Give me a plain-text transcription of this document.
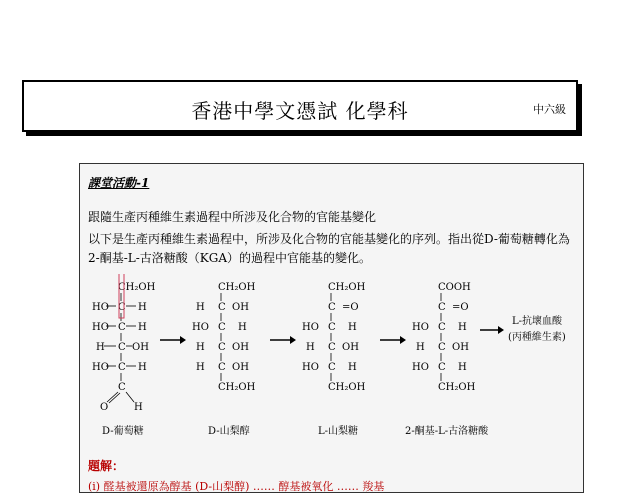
香港中學文憑試 化學科	中六級
課堂活動-1
跟隨生產丙種維生素過程中所涉及化合物的官能基變化
以下是生產丙種維生素過程中，所涉及化合物的官能基變化的序列。指出從D-葡萄糖轉化為2-酮基-L-古洛糖酸（KGA）的過程中官能基的變化。
CH₂OH
HO C H
HO C H
H C OH
HO C H
C
O	H
CH₂OH
H C OH
HO C H
H C OH
H C OH
CH₂OH
CH₂OH
C =O
HO C H
H C OH
HO C H
CH₂OH
COOH
C =O
HO C H
H C OH
HO C H
CH₂OH
D-葡萄糖	D-山梨醇	L-山梨糖	2-酮基-L-古洛糖酸
L-抗壞血酸
(丙種維生素)
題解：
(i) 醛基被還原為醇基 (D-山梨醇) …… 醇基被氧化 …… 羧基
